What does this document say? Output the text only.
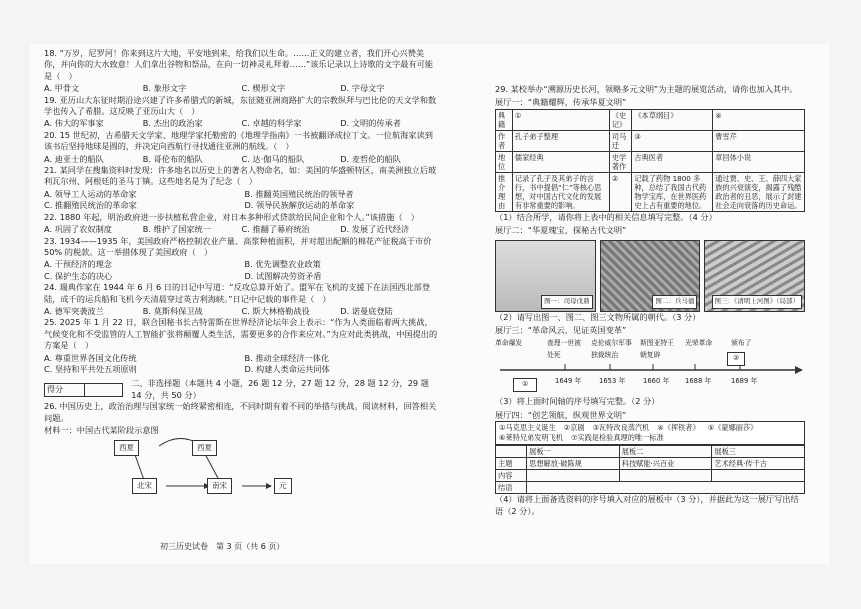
18. “万岁，尼罗河！你来到这片大地，平安地到来，给我们以生命。……正义的建立者，我们开心兴赞美你，并向你的大水致意！人们拿出谷物和祭品，在向一切神灵礼拜着……”该乐记录以上诗歌的文字最有可能是（　）
A. 甲骨文	B. 象形文字	C. 楔形文字	D. 字母文字
19. 亚历山大东征时期沿途兴建了许多希腊式的新城，东征随亚洲商路扩大的宗教纵拜与巴比伦的天文学和数学也传入了希腊。这反映了亚历山大（　）
A. 伟大的军事家	B. 杰出的政治家	C. 卓越的科学家	D. 文明的传承者
20. 15 世纪初，古希腊天文学家、地理学家托勒密的《地理学指南》一书被翻译成拉丁文。一位航海家读到该书后坚持地球是圆的，并决定向西航行寻找通往亚洲的航线。（　）
A. 迪亚士的船队	B. 哥伦布的船队	C. 达·伽马的船队	D. 麦哲伦的船队
21. 某同学在搜集资料时发现：许多地名以历史上的著名人物命名，如：美国的华盛顿特区，南美洲独立后玻利瓦尔州、阿根廷的圣马丁镇。这些地名是为了纪念（　）
A. 领导工人运动的革命家	B. 推翻英国殖民统治的领导者
C. 推翻殖民统治的革命家	D. 领导民族解放运动的革命家
22. 1880 年起，明治政府进一步扶植私营企业，对日本多种形式贷款给民间企业和个人。”该措施（　）
A. 巩固了农奴制度	B. 维护了国家统一	C. 推翻了幕府统治	D. 发展了近代经济
23. 1934——1935 年，美国政府严格控制农业产量、高浆种植面积，并对超出配额的棉花产征税高于市价 50% 的税款。这一举措体现了美国政府（　）
A. 干预经济的理念	B. 优先调整农业政策
C. 保护生态的决心	D. 试图解决劳资矛盾
24. 瑞典作家在 1944 年 6 月 6 日的日记中写道：“反攻总算开始了。盟军在飞机的支援下在法国西北部登陆，成千的运兵船和飞机今天清晨穿过英吉利海峡。”日记中记载的事件是（　）
A. 德军突袭波兰	B. 莫斯科保卫战	C. 斯大林格勒战役	D. 诺曼底登陆
25. 2025 年 1 月 22 日，联合国秘书长古特雷斯在世界经济论坛年会上表示：“作为人类面临着两大挑战，气候变化和不受监管的人工智能扩张将颠覆人类生活，需要更多的合作来应对。”为应对此类挑战，中国提出的方案是（　）
A. 尊重世界各国文化传统	B. 推动全球经济一体化
C. 坚持和平共处五项原则	D. 构建人类命运共同体
得分	
二、非选择题（本题共 4 小题，26 题 12 分，27 题 12 分，28 题 12 分，29 题 14 分，共 50 分）
26. 中国历史上，政治治理与国家统一始终紧密相连，不同时期有着不同的举措与挑战。阅读材料，回答相关问题。
材料一：中国古代某阶段示意图
西夏
北宋
西夏
南宋	元
初三历史试卷　第 3 页（共 6 页）
29. 某校举办“溯源历史长河，领略多元文明”为主题的展览活动，请你也加入其中。
展厅一：“典籍耀辉，传承华夏文明”
典籍	①	《史记》	《本草纲目》	④
作者	孔子弟子整理	司马迁	③	曹雪芹
地位	儒家经典	史学著作	古典医者	章回体小说
推介理由	记录了孔子及其弟子的言行，书中提倡“仁”等核心思想，对中国古代文化的发展有非常重要的影响。	②	记载了药物 1800 多种，总结了我国古代药物学宝库，在世界医药史上占有重要的地位。	通过贾、史、王、薛四大家族的兴衰演变，揭露了残酷政治者的丑恶，展示了封建社会走向衰落的历史命运。
（1）结合所学，请你将上表中的相关信息填写完整。（4 分）
展厅二：“华夏瑰宝，探秘古代文明”
图一：司母戊鼎	图二：兵马俑	图三：《清明上河图》（局部）
（2）请写出图一、图二、图三文物所属的朝代。（3 分）
展厅三：“革命风云，见证英国变革”
革命爆发	查理一世被处死
克伦威尔军事独裁统治
斯图亚特王朝复辟
光荣革命	颁布了
②
①	1649 年	1653 年	1660 年 1688 年	1689 年
（3）将上面时间轴的序号填写完整。（2 分）
展厅四：“创艺领航，纵观世界文明”
①马克思主义诞生 ②京剧 ③瓦特改良蒸汽机 ④《挥铁者》 ⑤《蒙娜丽莎》
⑥莱特兄弟发明飞机 ⑦实践是检验真理的唯一标准
	展板一	展板二	展板三
主题	思想解放·破陈规	科技赋能·兴百业	艺术经典·传千古
内容			
结语			
（4）请将上面备选资料的序号填入对应的展板中（3 分），并据此为这一展厅写出结语（2 分）。
